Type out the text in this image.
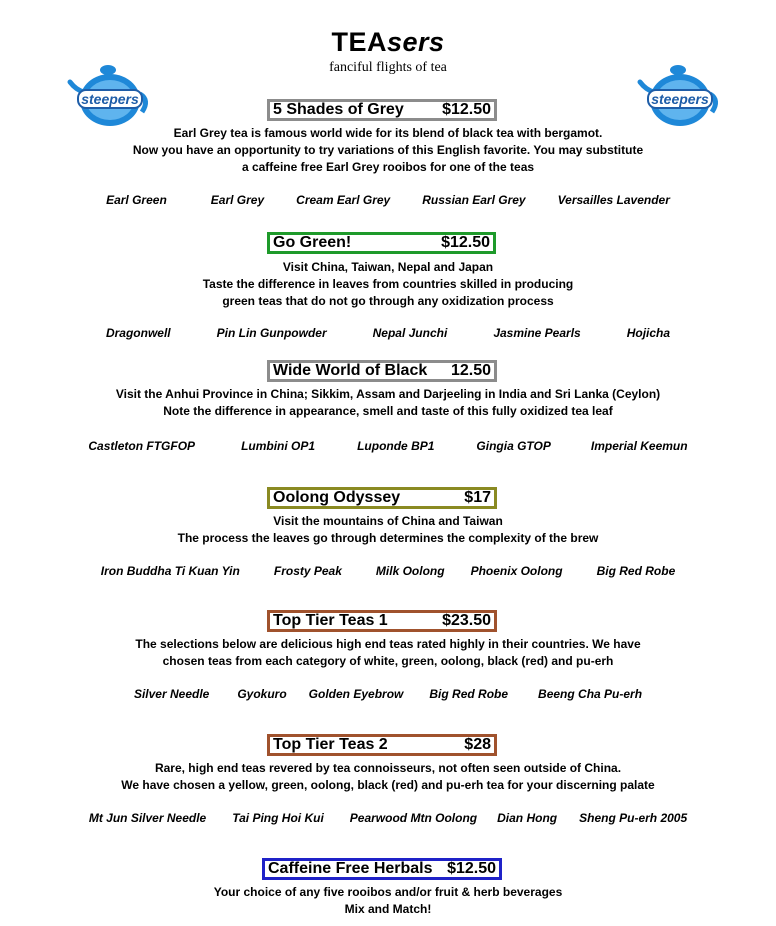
TEAsers
fanciful flights of tea
steepers	steepers
5 Shades of Grey $12.50
Earl Grey tea is famous world wide for its blend of black tea with bergamot.
Now you have an opportunity to try variations of this English favorite. You may substitute
a caffeine free Earl Grey rooibos for one of the teas
Earl Green	Earl Grey	Cream Earl Grey	Russian Earl Grey	Versailles Lavender
Go Green!	$12.50
Visit China, Taiwan, Nepal and Japan
Taste the difference in leaves from countries skilled in producing
green teas that do not go through any oxidization process
Dragonwell	Pin Lin Gunpowder	Nepal Junchi	Jasmine Pearls	Hojicha
Wide World of Black 12.50
Visit the Anhui Province in China; Sikkim, Assam and Darjeeling in India and Sri Lanka (Ceylon)
Note the difference in appearance, smell and taste of this fully oxidized tea leaf
Castleton FTGFOP	Lumbini OP1	Luponde BP1	Gingia GTOP	Imperial Keemun
Oolong Odyssey	$17
Visit the mountains of China and Taiwan
The process the leaves go through determines the complexity of the brew
Iron Buddha Ti Kuan Yin	Frosty Peak	Milk Oolong Phoenix Oolong	Big Red Robe
Top Tier Teas 1	$23.50
The selections below are delicious high end teas rated highly in their countries. We have
chosen teas from each category of white, green, oolong, black (red) and pu-erh
Silver Needle Gyokuro Golden Eyebrow Big Red Robe	Beeng Cha Pu-erh
Top Tier Teas 2	$28
Rare, high end teas revered by tea connoisseurs, not often seen outside of China.
We have chosen a yellow, green, oolong, black (red) and pu-erh tea for your discerning palate
Mt Jun Silver Needle Tai Ping Hoi Kui Pearwood Mtn Oolong Dian Hong Sheng Pu-erh 2005
Caffeine Free Herbals $12.50
Your choice of any five rooibos and/or fruit & herb beverages
Mix and Match!
